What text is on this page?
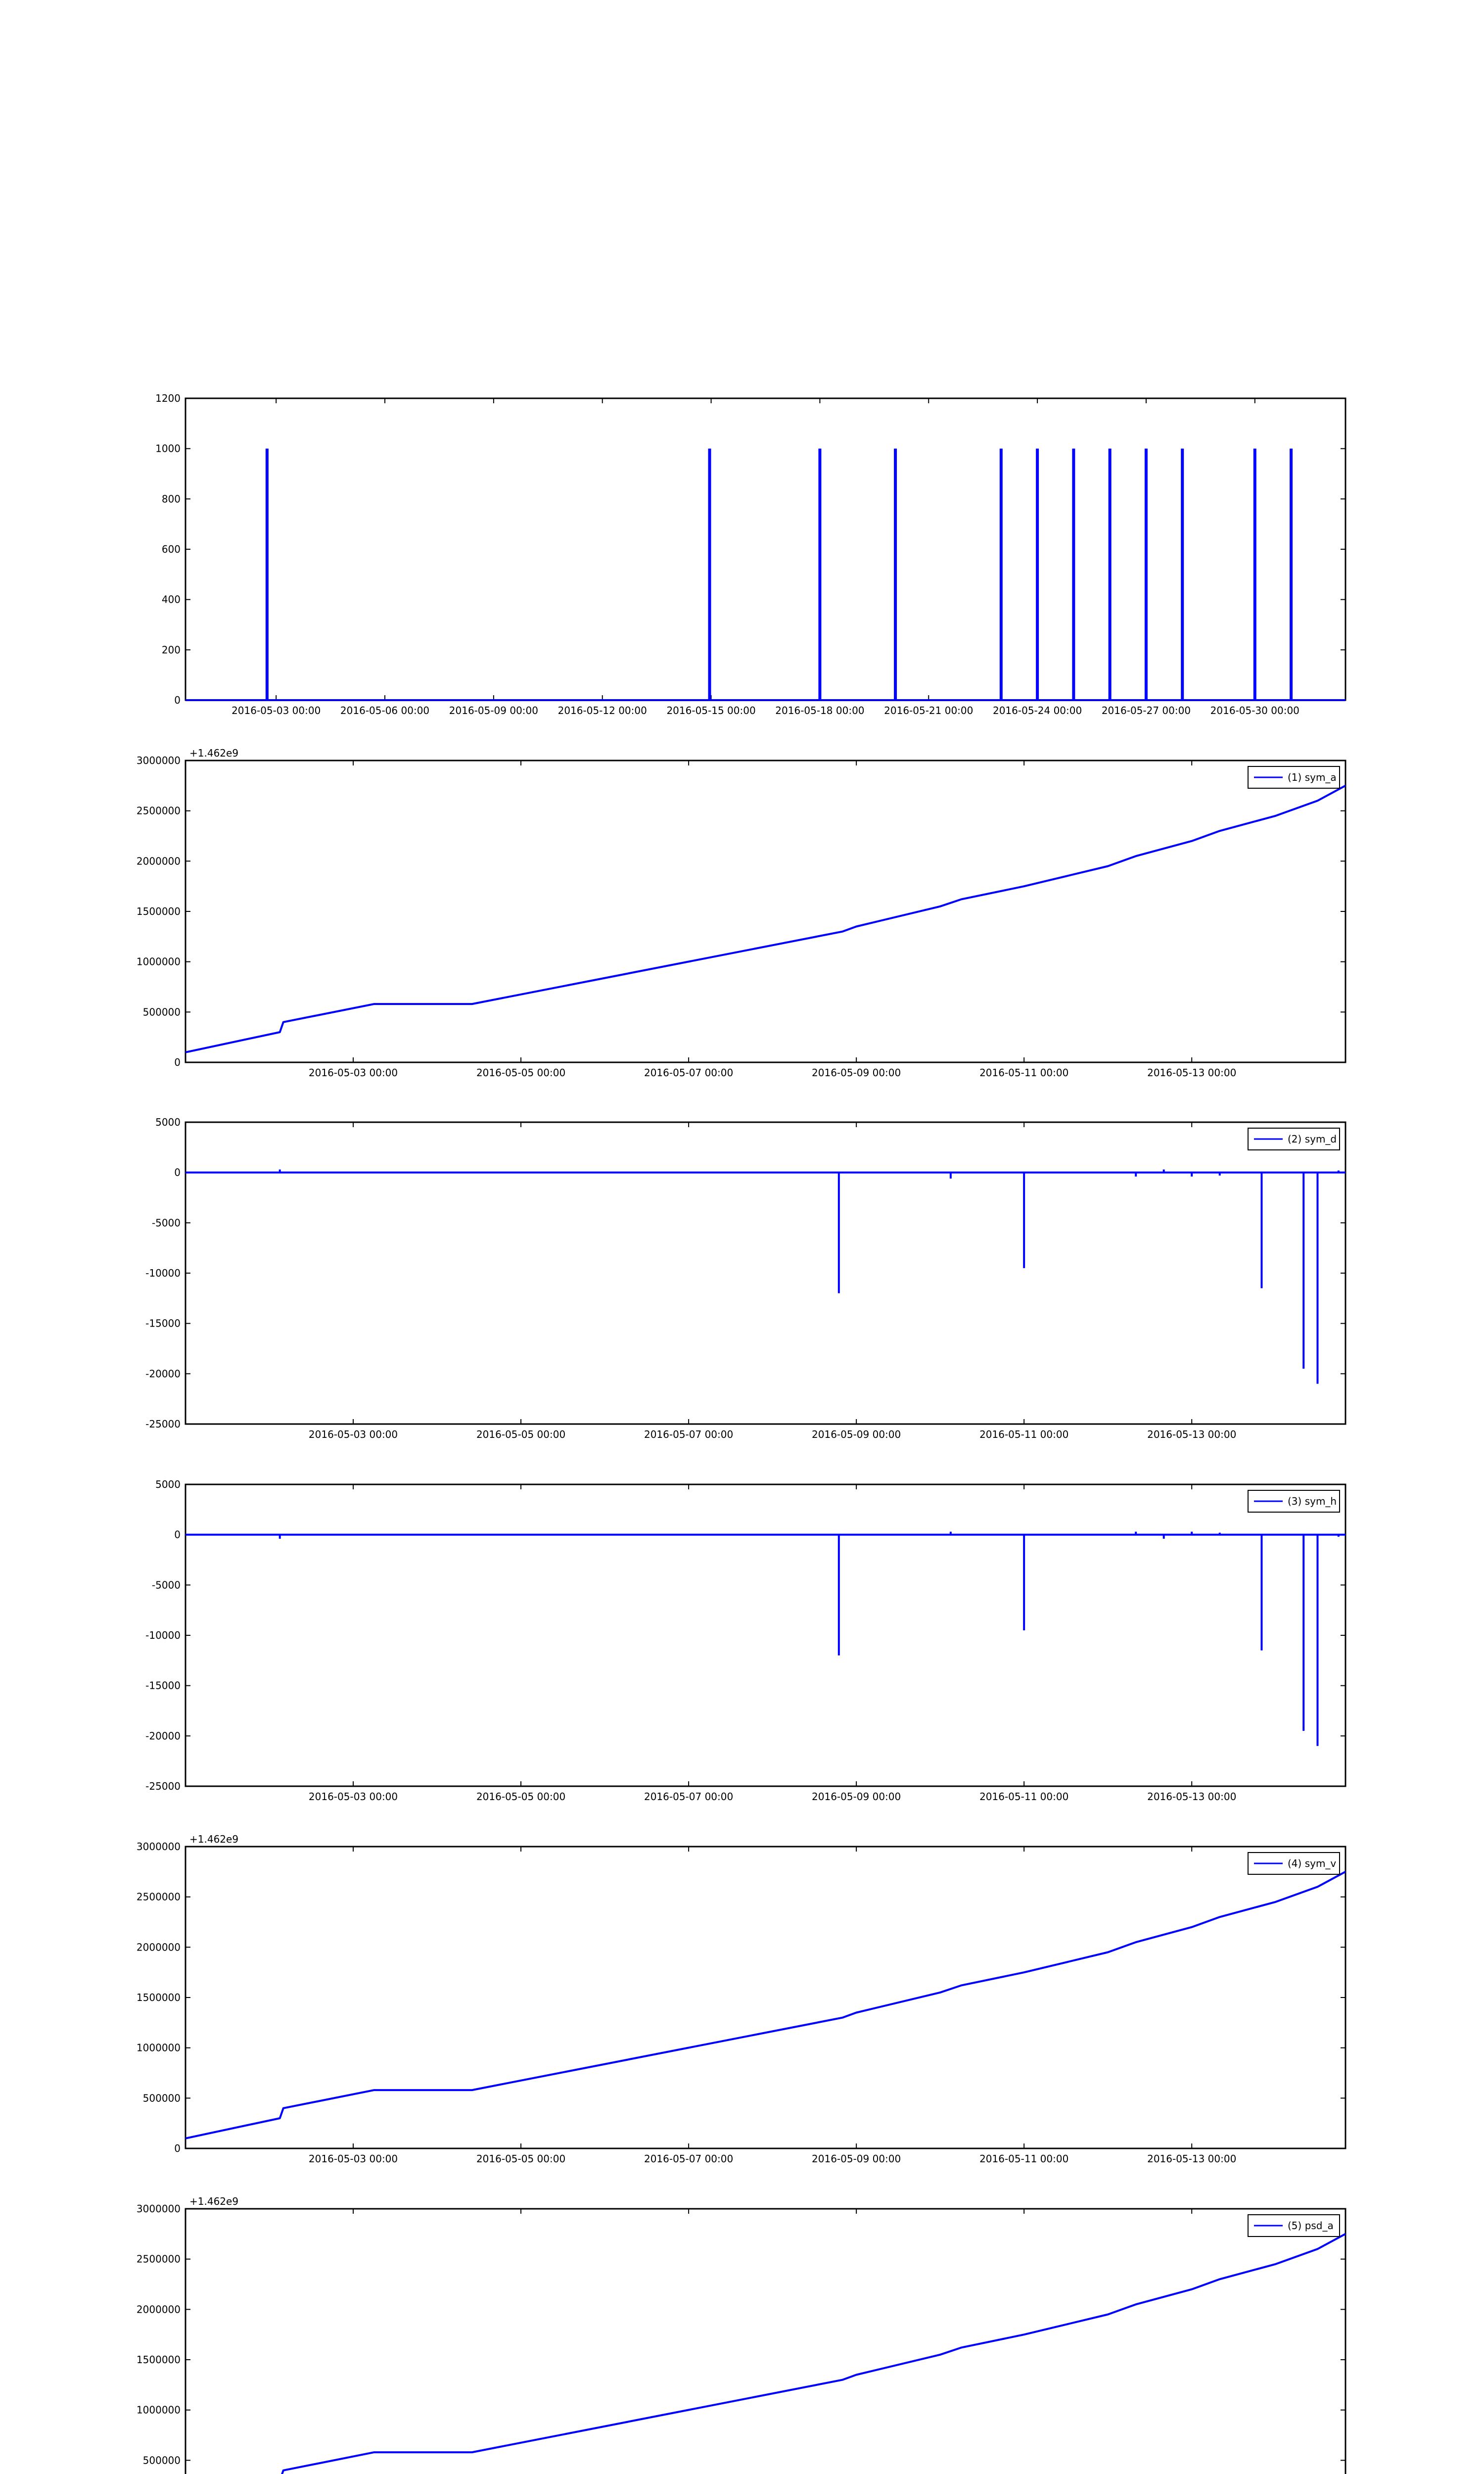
0
200
400
600
800
1000
1200
2016-05-03 00:00 2016-05-06 00:00 2016-05-09 00:00 2016-05-12 00:00 2016-05-15 00:00 2016-05-18 00:00 2016-05-21 00:00 2016-05-24 00:00 2016-05-27 00:00 2016-05-30 00:00
0
500000
1000000
1500000
2000000
2500000
3000000
2016-05-03 00:00	2016-05-05 00:00	2016-05-07 00:00	2016-05-09 00:00	2016-05-11 00:00	2016-05-13 00:00
+1.462e9
(1) sym_a
-25000
-20000
-15000
-10000
-5000
0
5000
2016-05-03 00:00	2016-05-05 00:00	2016-05-07 00:00	2016-05-09 00:00	2016-05-11 00:00	2016-05-13 00:00
(2) sym_d
-25000
-20000
-15000
-10000
-5000
0
5000
2016-05-03 00:00	2016-05-05 00:00	2016-05-07 00:00	2016-05-09 00:00	2016-05-11 00:00	2016-05-13 00:00
(3) sym_h
0
500000
1000000
1500000
2000000
2500000
3000000
2016-05-03 00:00	2016-05-05 00:00	2016-05-07 00:00	2016-05-09 00:00	2016-05-11 00:00	2016-05-13 00:00
+1.462e9
(4) sym_v
500000
1000000
1500000
2000000
2500000
3000000
+1.462e9
(5) psd_a
